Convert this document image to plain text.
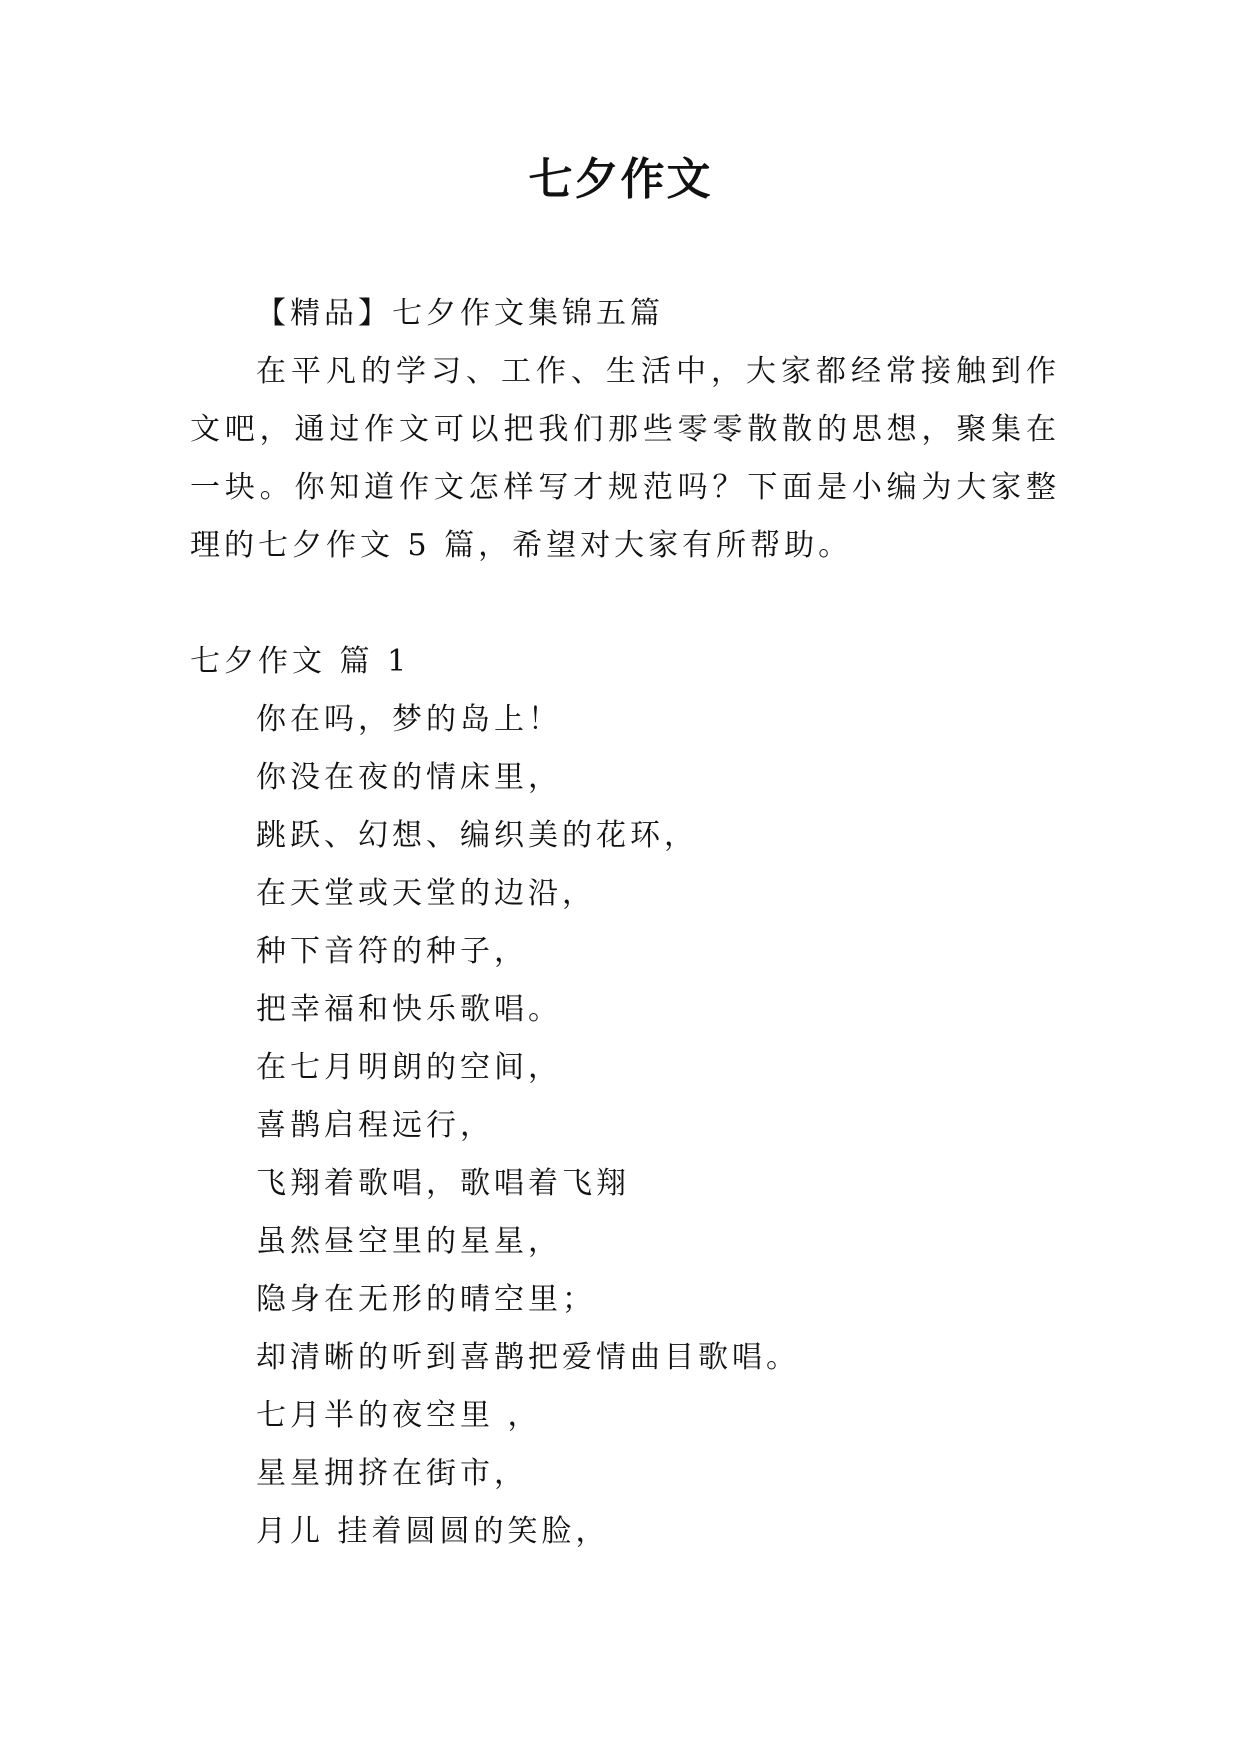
七夕作文

【精品】七夕作文集锦五篇

在平凡的学习、工作、生活中，大家都经常接触到作文吧，通过作文可以把我们那些零零散散的思想，聚集在一块。你知道作文怎样写才规范吗？下面是小编为大家整理的七夕作文 5 篇，希望对大家有所帮助。

七夕作文 篇 1

你在吗，梦的岛上！

你没在夜的情床里，

跳跃、幻想、编织美的花环，

在天堂或天堂的边沿，

种下音符的种子，

把幸福和快乐歌唱。

在七月明朗的空间，

喜鹊启程远行，

飞翔着歌唱，歌唱着飞翔

虽然昼空里的星星，

隐身在无形的晴空里；

却清晰的听到喜鹊把爱情曲目歌唱。

七月半的夜空里 ，

星星拥挤在街市，

月儿 挂着圆圆的笑脸，
